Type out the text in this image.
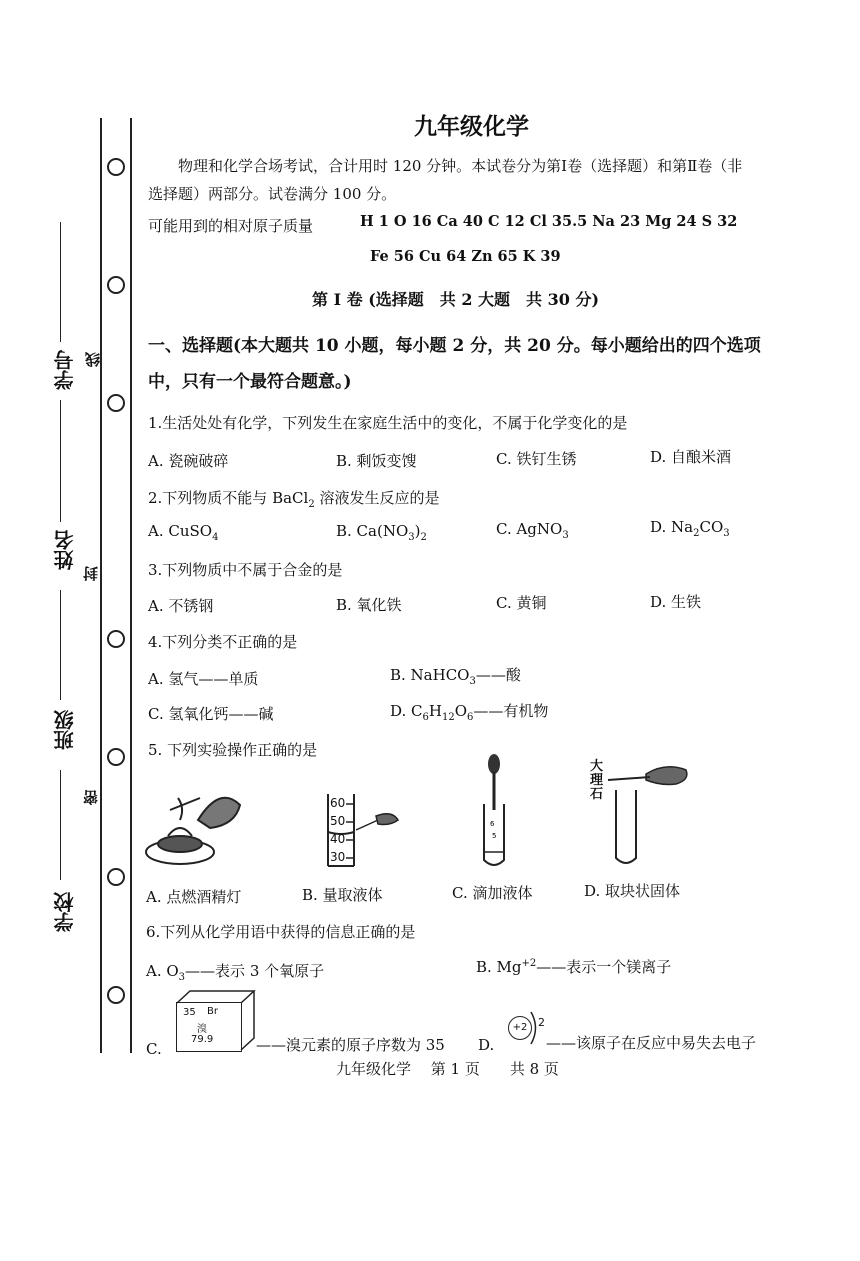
学号
姓名
班级
学校
线
封
密
九年级化学
物理和化学合场考试，合计用时 120 分钟。本试卷分为第Ⅰ卷（选择题）和第Ⅱ卷（非
选择题）两部分。试卷满分 100 分。
可能用到的相对原子质量	H 1 O 16 Ca 40 C 12 Cl 35.5 Na 23 Mg 24 S 32
Fe 56 Cu 64 Zn 65 K 39
第 Ⅰ 卷 (选择题　共 2 大题　共 30 分)
一、选择题(本大题共 10 小题，每小题 2 分，共 20 分。每小题给出的四个选项
中，只有一个最符合题意。)
1.生活处处有化学，下列发生在家庭生活中的变化，不属于化学变化的是
A. 瓷碗破碎	B. 剩饭变馊	C. 铁钉生锈	D. 自酿米酒
2.下列物质不能与 BaCl$_2$ 溶液发生反应的是
A. CuSO$_4$	B. $Ca(NO_3)_2$	C. AgNO$_3$	D. $Na_2CO_3$
3.下列物质中不属于合金的是
A. 不锈钢	B. 氧化铁	C. 黄铜	D. 生铁
4.下列分类不正确的是
A. 氢气——单质	B. NaHCO$_3$——酸
C. 氢氧化钙——碱	D. $C_6H_{12}O_6——$有机物
5. 下列实验操作正确的是
60
50
40
30
6
5
大理石
A. 点燃酒精灯	B. 量取液体	C. 滴加液体	D. 取块状固体
6.下列从化学用语中获得的信息正确的是
A. $O_3——$表示 3 个氧原子	B. $Mg^{+2}——$表示一个镁离子
C.
35 Br
溴
79.9	——溴元素的原子序数为 35 D.
+2 2
——该原子在反应中易失去电子
九年级化学　 第 1 页　　共 8 页
